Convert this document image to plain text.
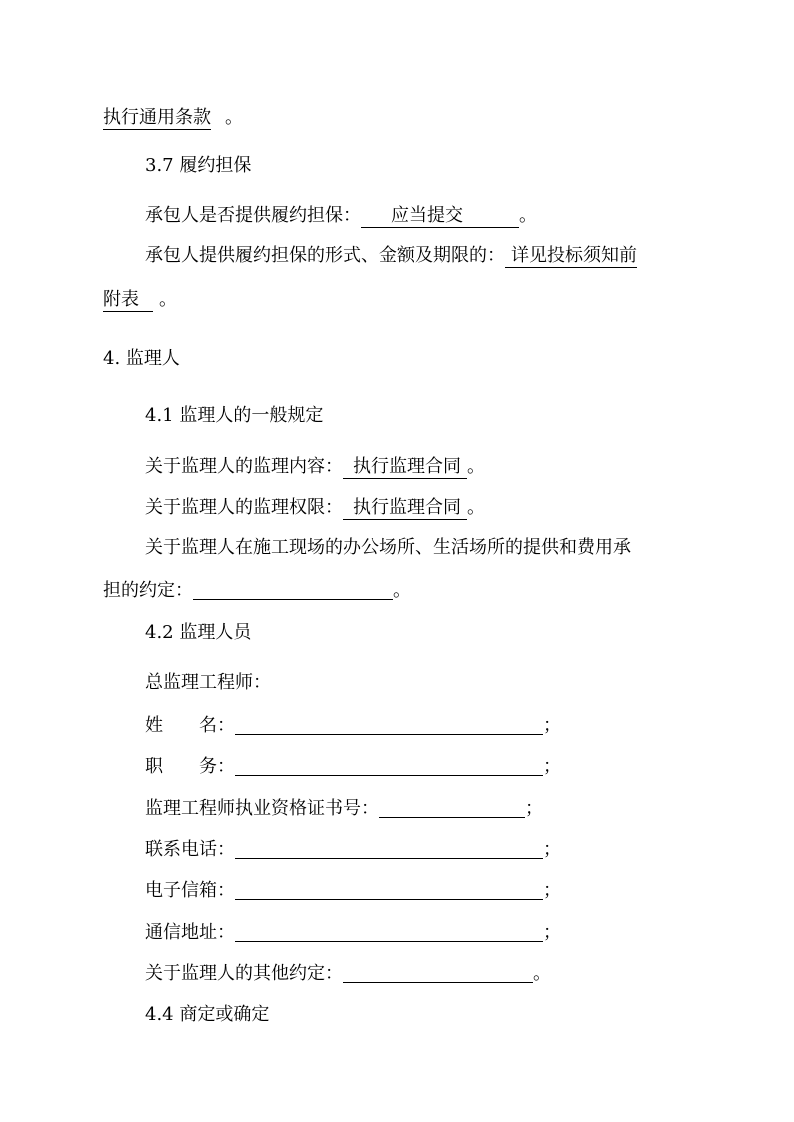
执行通用条款 。
3.7 履约担保
承包人是否提供履约担保： 应当提交	。
承包人提供履约担保的形式、金额及期限的： 详见投标须知前
附表 。
4. 监理人
4.1 监理人的一般规定
关于监理人的监理内容： 执行监理合同 。
关于监理人的监理权限： 执行监理合同 。
关于监理人在施工现场的办公场所、生活场所的提供和费用承
担的约定：	。
4.2 监理人员
总监理工程师：
姓　　名：	；
职　　务：	；
监理工程师执业资格证书号：	；
联系电话：	；
电子信箱：	；
通信地址：	；
关于监理人的其他约定：	。
4.4 商定或确定
